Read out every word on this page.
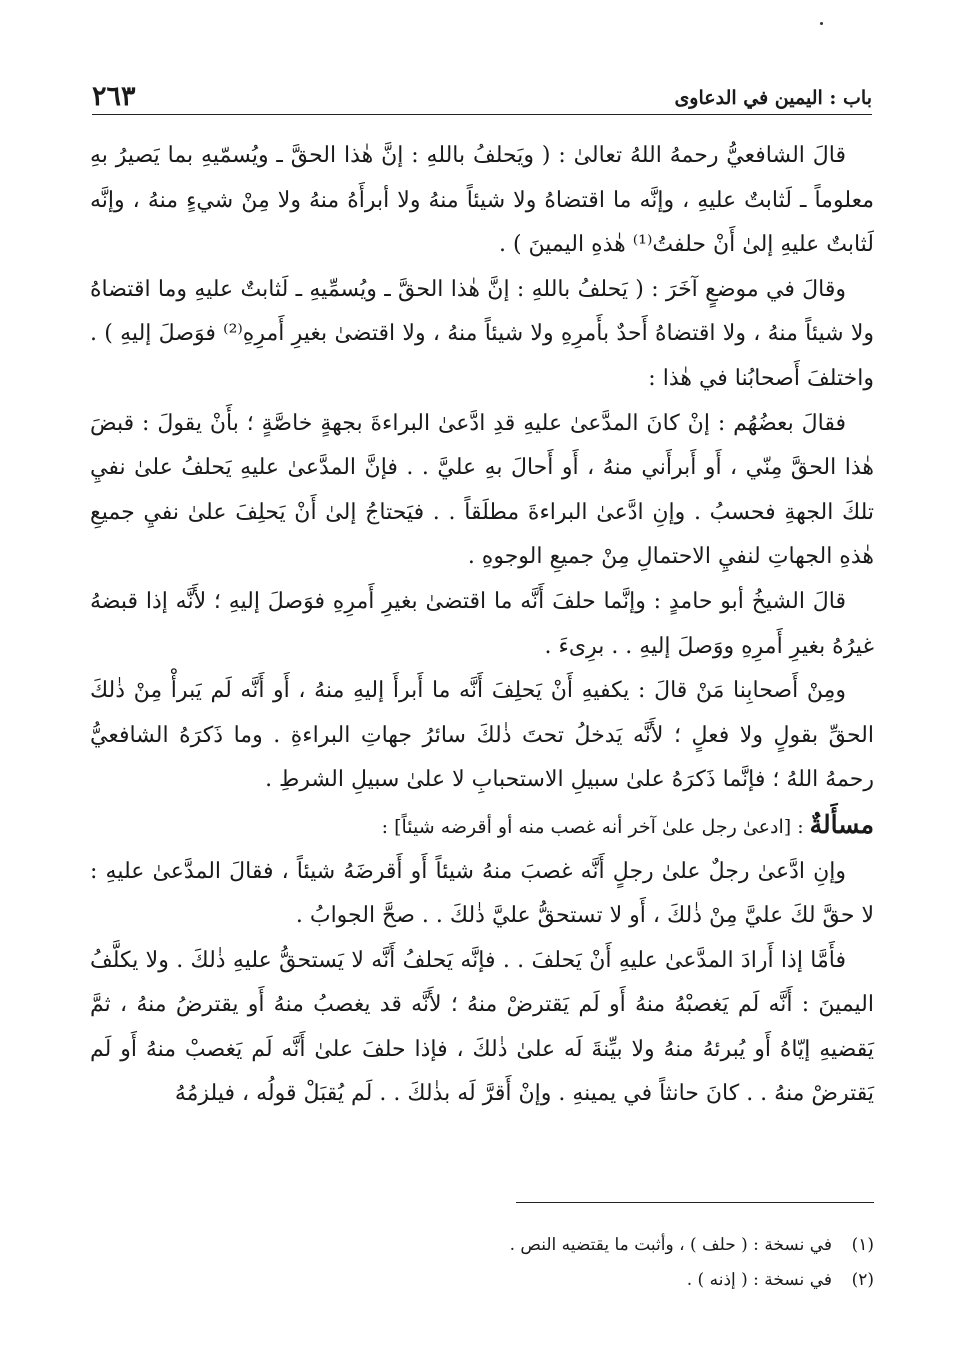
باب : اليمين في الدعاوى
٢٦٣

قالَ الشافعيُّ رحمهُ اللهُ تعالىٰ : ( ويَحلفُ باللهِ : إنَّ هٰذا الحقَّ ـ ويُسمّيهِ بما يَصيرُ بهِ معلوماً ـ لَثابتٌ عليهِ ، وإنَّه ما اقتضاهُ ولا شيئاً منهُ ولا أبرأَهُ منهُ ولا مِنْ شيءٍ منهُ ، وإنَّه لَثابتٌ عليهِ إلىٰ أَنْ حلفتُ⁽¹⁾ هٰذهِ اليمينَ ) .

وقالَ في موضعٍ آخَرَ : ( يَحلفُ باللهِ : إنَّ هٰذا الحقَّ ـ ويُسمِّيهِ ـ لَثابتٌ عليهِ وما اقتضاهُ ولا شيئاً منهُ ، ولا اقتضاهُ أَحدٌ بأَمرِهِ ولا شيئاً منهُ ، ولا اقتضىٰ بغيرِ أَمرِهِ⁽²⁾ فوَصلَ إليهِ ) . واختلفَ أَصحابُنا في هٰذا :

فقالَ بعضُهُم : إنْ كانَ المدَّعىٰ عليهِ قدِ ادَّعىٰ البراءةَ بجهةٍ خاصَّةٍ ؛ بأَنْ يقولَ : قبضَ هٰذا الحقَّ مِنّي ، أَو أَبرأَني منهُ ، أَو أَحالَ بهِ عليَّ . . فإنَّ المدَّعىٰ عليهِ يَحلفُ علىٰ نفيِ تلكَ الجهةِ فحسبُ . وإنِ ادَّعىٰ البراءةَ مطلَقاً . . فيَحتاجُ إلىٰ أَنْ يَحلِفَ علىٰ نفيِ جميعِ هٰذهِ الجهاتِ لنفيِ الاحتمالِ مِنْ جميعِ الوجوهِ .

قالَ الشيخُ أبو حامدٍ : وإنَّما حلفَ أَنَّه ما اقتضىٰ بغيرِ أَمرِهِ فوَصلَ إليهِ ؛ لأَنَّه إذا قبضهُ غيرُهُ بغيرِ أَمرِهِ ووَصلَ إليهِ . . برِىءَ .

ومِنْ أَصحابِنا مَنْ قالَ : يكفيهِ أَنْ يَحلِفَ أَنَّه ما أَبرأَ إليهِ منهُ ، أَو أَنَّه لَم يَبرأْ مِنْ ذٰلكَ الحقِّ بقولٍ ولا فعلٍ ؛ لأَنَّه يَدخلُ تحتَ ذٰلكَ سائرُ جهاتِ البراءةِ . وما ذَكرَهُ الشافعيُّ رحمهُ اللهُ ؛ فإنَّما ذَكرَهُ علىٰ سبيلِ الاستحبابِ لا علىٰ سبيلِ الشرطِ .

مسأَلةٌ : [ادعىٰ رجل علىٰ آخر أنه غصب منه أو أقرضه شيئاً] :

وإنِ ادَّعىٰ رجلٌ علىٰ رجلٍ أَنَّه غصبَ منهُ شيئاً أَو أَقرضَهُ شيئاً ، فقالَ المدَّعىٰ عليهِ : لا حقَّ لكَ عليَّ مِنْ ذٰلكَ ، أَو لا تستحقُّ عليَّ ذٰلكَ . . صحَّ الجوابُ .

فأَمَّا إذا أَرادَ المدَّعىٰ عليهِ أَنْ يَحلفَ . . فإنَّه يَحلفُ أَنَّه لا يَستحقُّ عليهِ ذٰلكَ . ولا يكلَّفُ اليمينَ : أَنَّه لَم يَغصبْهُ منهُ أَو لَم يَقترضْ منهُ ؛ لأَنَّه قد يغصبُ منهُ أَو يقترضُ منهُ ، ثمَّ يَقضيهِ إيّاهُ أَو يُبرئهُ منهُ ولا بيِّنةَ لَه علىٰ ذٰلكَ ، فإذا حلفَ علىٰ أَنَّه لَم يَغصبْ منهُ أَو لَم يَقترضْ منهُ . . كانَ حانثاً في يمينهِ . وإنْ أَقرَّ لَه بذٰلكَ . . لَم يُقبَلْ قولُه ، فيلزمُهُ

(١)
في نسخة : ( حلف ) ، وأثبت ما يقتضيه النص .

(٢)
في نسخة : ( إذنه ) .
